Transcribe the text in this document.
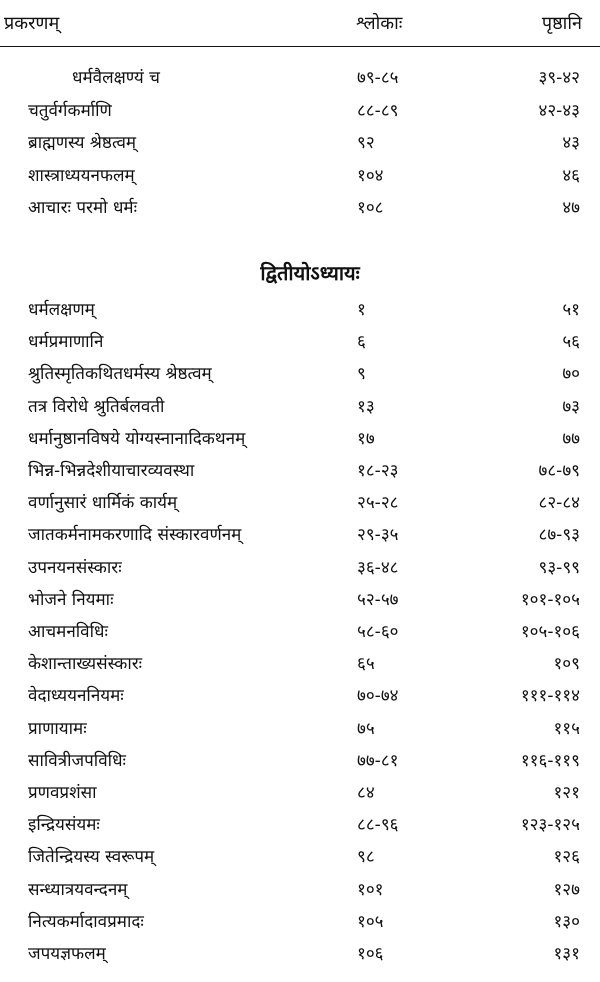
प्रकरणम्	श्लोकाः	पृष्ठानि
धर्मवैलक्षण्यं च	७९-८५	३९-४२
चतुर्वर्गकर्माणि	८८-८९	४२-४३
ब्राह्मणस्य श्रेष्ठत्वम्	९२	४३
शास्त्राध्ययनफलम्	१०४	४६
आचारः परमो धर्मः	१०८	४७
द्वितीयोऽध्यायः
धर्मलक्षणम्	१	५१
धर्मप्रमाणानि	६	५६
श्रुतिस्मृतिकथितधर्मस्य श्रेष्ठत्वम्	९	७०
तत्र विरोधे श्रुतिर्बलवती	१३	७३
धर्मानुष्ठानविषये योग्यस्नानादिकथनम्	१७	७७
भिन्न-भिन्नदेशीयाचारव्यवस्था	१८-२३	७८-७९
वर्णानुसारं धार्मिकं कार्यम्	२५-२८	८२-८४
जातकर्मनामकरणादि संस्कारवर्णनम्	२९-३५	८७-९३
उपनयनसंस्कारः	३६-४८	९३-९९
भोजने नियमाः	५२-५७	१०१-१०५
आचमनविधिः	५८-६०	१०५-१०६
केशान्ताख्यसंस्कारः	६५	१०९
वेदाध्ययननियमः	७०-७४	१११-११४
प्राणायामः	७५	११५
सावित्रीजपविधिः	७७-८१	११६-११९
प्रणवप्रशंसा	८४	१२१
इन्द्रियसंयमः	८८-९६	१२३-१२५
जितेन्द्रियस्य स्वरूपम्	९८	१२६
सन्ध्यात्रयवन्दनम्	१०१	१२७
नित्यकर्मादावप्रमादः	१०५	१३०
जपयज्ञफलम्	१०६	१३१
